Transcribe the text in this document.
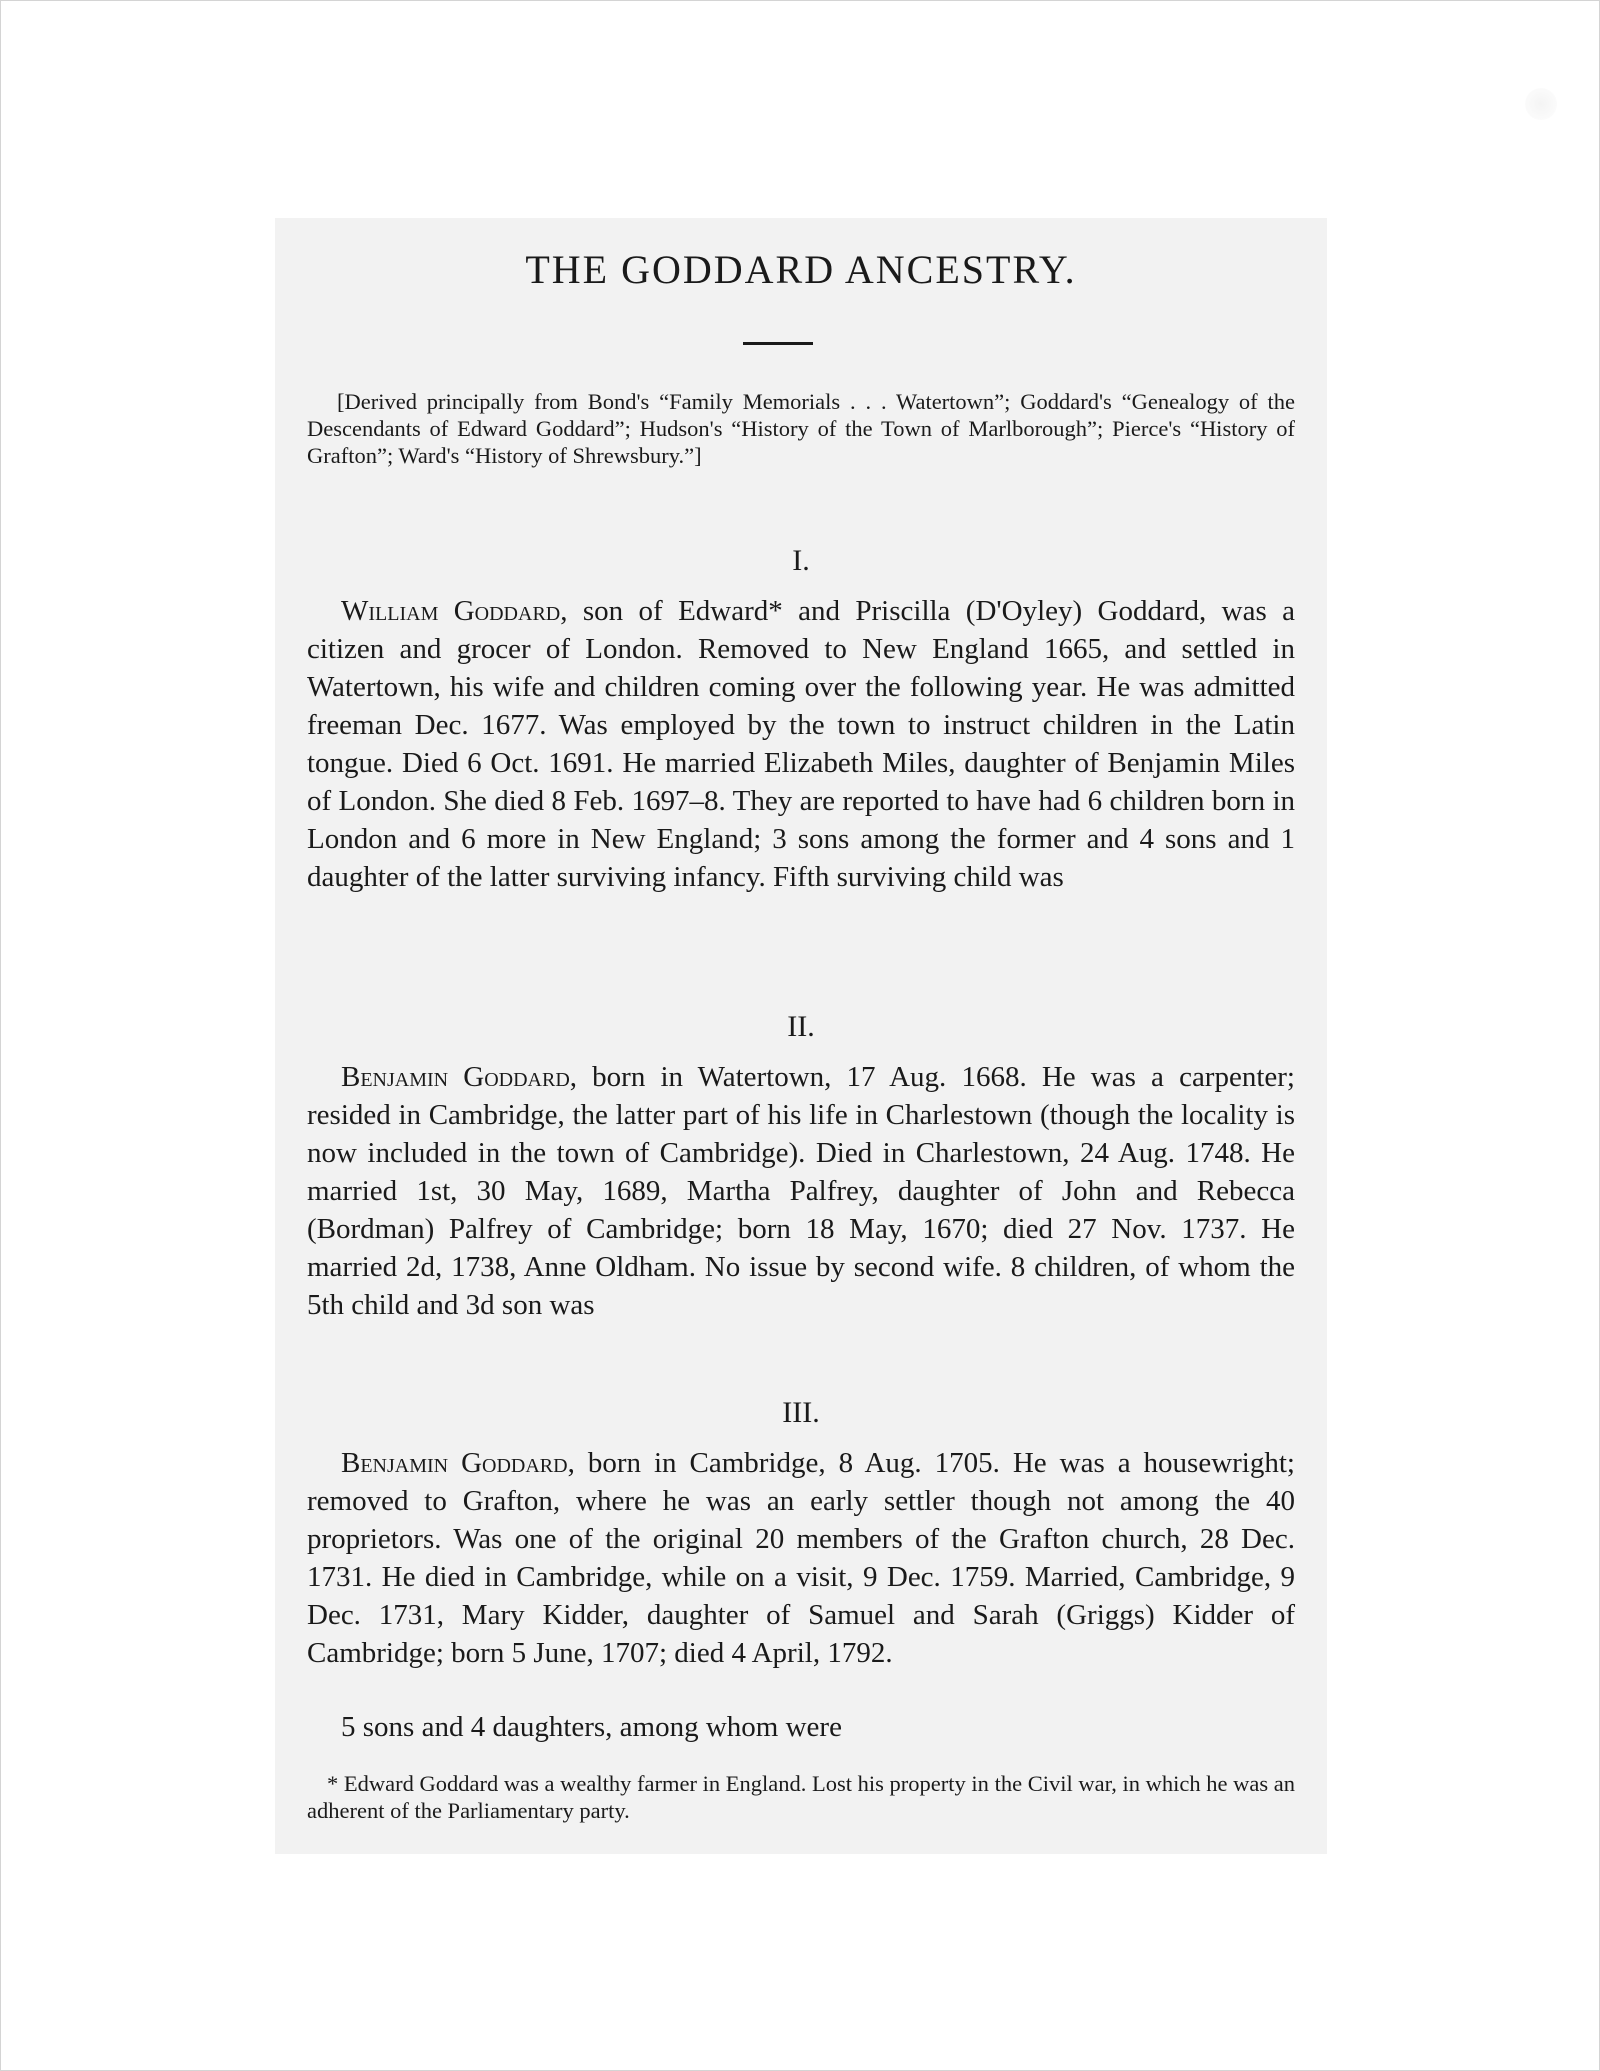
THE GODDARD ANCESTRY.
[Derived principally from Bond's “Family Memorials . . . Watertown”; Goddard's “Genealogy of the Descendants of Edward Goddard”; Hudson's “History of the Town of Marlborough”; Pierce's “History of Grafton”; Ward's “History of Shrewsbury.”]
I.
William Goddard, son of Edward* and Priscilla (D'Oyley) Goddard, was a citizen and grocer of London. Removed to New England 1665, and settled in Watertown, his wife and children coming over the following year. He was admitted freeman Dec. 1677. Was employed by the town to instruct children in the Latin tongue. Died 6 Oct. 1691. He married Elizabeth Miles, daughter of Benjamin Miles of London. She died 8 Feb. 1697–8. They are reported to have had 6 children born in London and 6 more in New England; 3 sons among the former and 4 sons and 1 daughter of the latter surviving infancy. Fifth surviving child was
II.
Benjamin Goddard, born in Watertown, 17 Aug. 1668. He was a carpenter; resided in Cambridge, the latter part of his life in Charlestown (though the locality is now included in the town of Cambridge). Died in Charlestown, 24 Aug. 1748. He married 1st, 30 May, 1689, Martha Palfrey, daughter of John and Rebecca (Bordman) Palfrey of Cambridge; born 18 May, 1670; died 27 Nov. 1737. He married 2d, 1738, Anne Oldham. No issue by second wife. 8 children, of whom the 5th child and 3d son was
III.
Benjamin Goddard, born in Cambridge, 8 Aug. 1705. He was a housewright; removed to Grafton, where he was an early settler though not among the 40 proprietors. Was one of the original 20 members of the Grafton church, 28 Dec. 1731. He died in Cambridge, while on a visit, 9 Dec. 1759. Married, Cambridge, 9 Dec. 1731, Mary Kidder, daughter of Samuel and Sarah (Griggs) Kidder of Cambridge; born 5 June, 1707; died 4 April, 1792.
5 sons and 4 daughters, among whom were
* Edward Goddard was a wealthy farmer in England. Lost his property in the Civil war, in which he was an adherent of the Parliamentary party.
